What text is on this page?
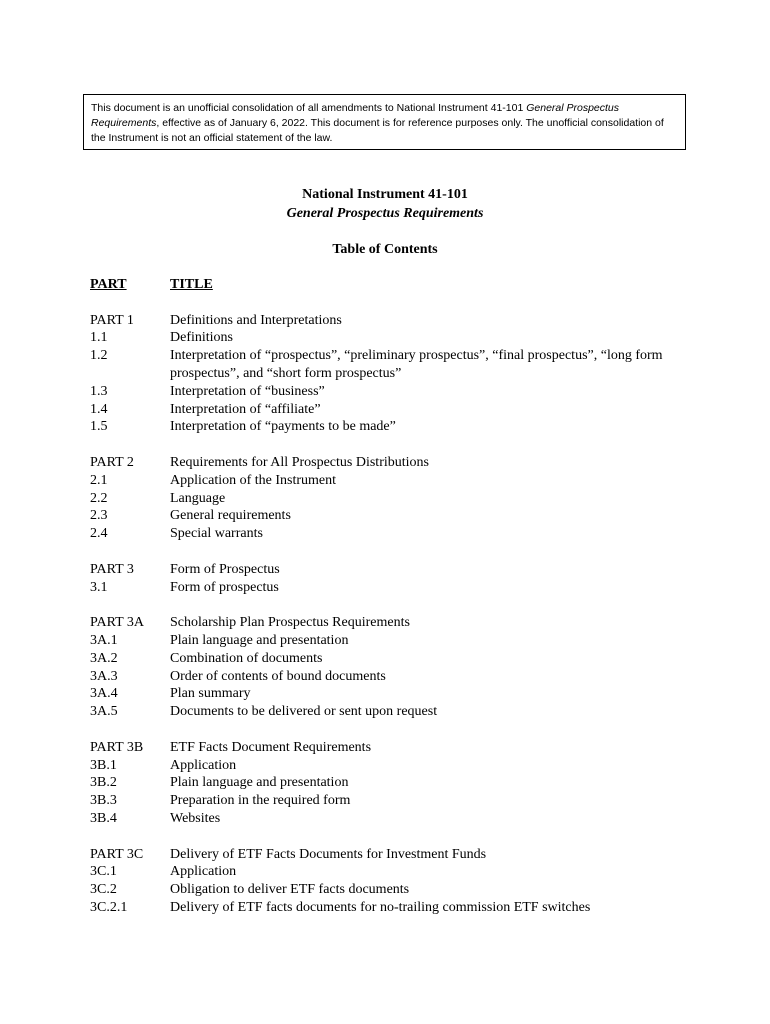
This document is an unofficial consolidation of all amendments to National Instrument 41-101 General Prospectus Requirements, effective as of January 6, 2022. This document is for reference purposes only. The unofficial consolidation of the Instrument is not an official statement of the law.
National Instrument 41-101
General Prospectus Requirements
Table of Contents
PART	TITLE
PART 1	Definitions and Interpretations
1.1	Definitions
1.2	Interpretation of “prospectus”, “preliminary prospectus”, “final prospectus”, “long form prospectus”, and “short form prospectus”
1.3	Interpretation of “business”
1.4	Interpretation of “affiliate”
1.5	Interpretation of “payments to be made”
PART 2	Requirements for All Prospectus Distributions
2.1	Application of the Instrument
2.2	Language
2.3	General requirements
2.4	Special warrants
PART 3	Form of Prospectus
3.1	Form of prospectus
PART 3A	Scholarship Plan Prospectus Requirements
3A.1	Plain language and presentation
3A.2	Combination of documents
3A.3	Order of contents of bound documents
3A.4	Plan summary
3A.5	Documents to be delivered or sent upon request
PART 3B	ETF Facts Document Requirements
3B.1	Application
3B.2	Plain language and presentation
3B.3	Preparation in the required form
3B.4	Websites
PART 3C	Delivery of ETF Facts Documents for Investment Funds
3C.1	Application
3C.2	Obligation to deliver ETF facts documents
3C.2.1	Delivery of ETF facts documents for no-trailing commission ETF switches
